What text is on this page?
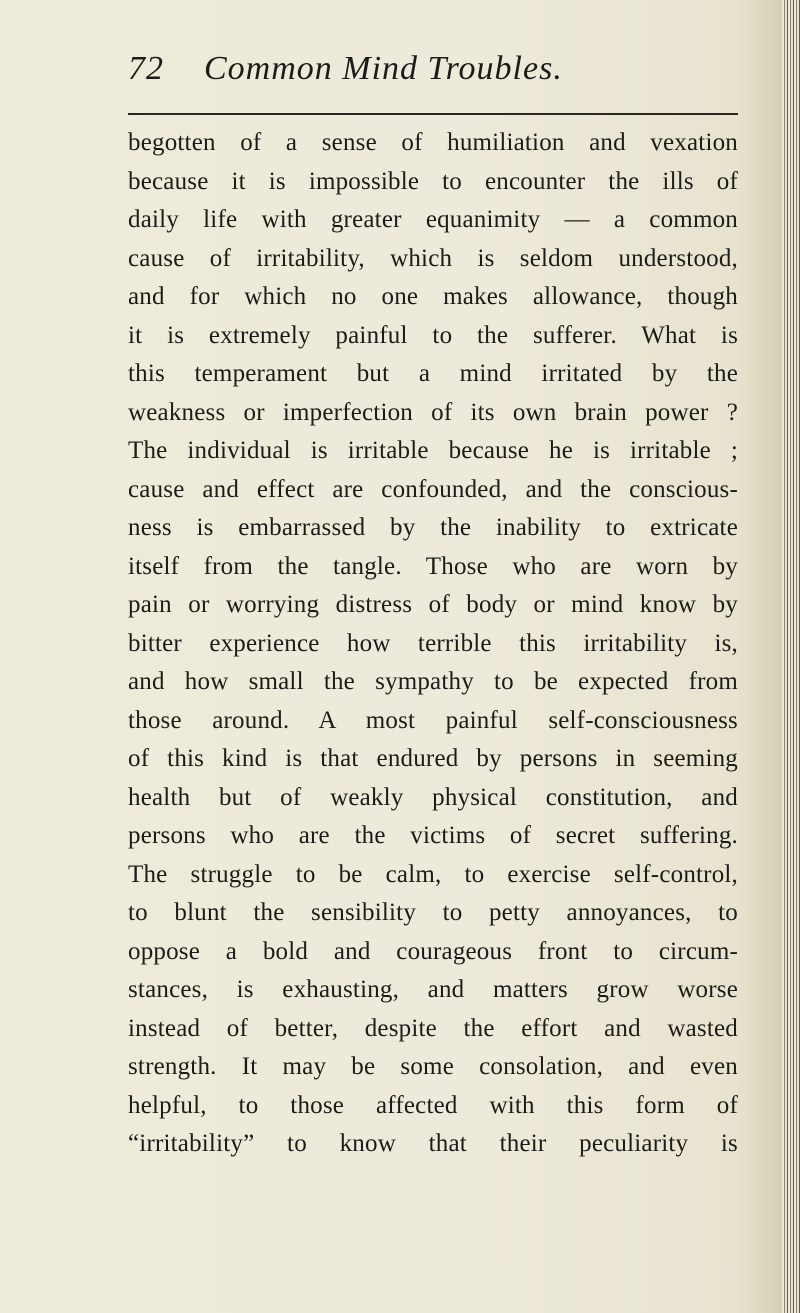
72 Common Mind Troubles.
begotten of a sense of humiliation and vexation
because it is impossible to encounter the ills of
daily life with greater equanimity — a common
cause of irritability, which is seldom understood,
and for which no one makes allowance, though
it is extremely painful to the sufferer. What is
this temperament but a mind irritated by the
weakness or imperfection of its own brain power ?
The individual is irritable because he is irritable ;
cause and effect are confounded, and the conscious-
ness is embarrassed by the inability to extricate
itself from the tangle. Those who are worn by
pain or worrying distress of body or mind know by
bitter experience how terrible this irritability is,
and how small the sympathy to be expected from
those around. A most painful self-consciousness
of this kind is that endured by persons in seeming
health but of weakly physical constitution, and
persons who are the victims of secret suffering.
The struggle to be calm, to exercise self-control,
to blunt the sensibility to petty annoyances, to
oppose a bold and courageous front to circum-
stances, is exhausting, and matters grow worse
instead of better, despite the effort and wasted
strength. It may be some consolation, and even
helpful, to those affected with this form of
“irritability” to know that their peculiarity is
